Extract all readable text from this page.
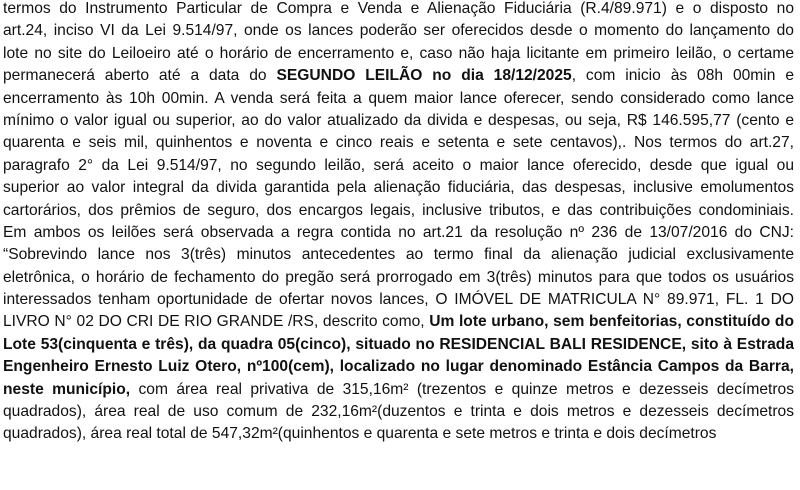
termos do Instrumento Particular de Compra e Venda e Alienação Fiduciária (R.4/89.971) e o disposto no
art.24, inciso VI da Lei 9.514/97, onde os lances poderão ser oferecidos desde o momento do lançamento do
lote no site do Leiloeiro até o horário de encerramento e, caso não haja licitante em primeiro leilão, o certame
permanecerá aberto até a data do SEGUNDO LEILÃO no dia 18/12/2025, com inicio às 08h 00min e
encerramento às 10h 00min. A venda será feita a quem maior lance oferecer, sendo considerado como lance
mínimo o valor igual ou superior, ao do valor atualizado da divida e despesas, ou seja, R$ 146.595,77 (cento e
quarenta e seis mil, quinhentos e noventa e cinco reais e setenta e sete centavos),. Nos termos do art.27,
paragrafo 2° da Lei 9.514/97, no segundo leilão, será aceito o maior lance oferecido, desde que igual ou
superior ao valor integral da divida garantida pela alienação fiduciária, das despesas, inclusive emolumentos
cartorários, dos prêmios de seguro, dos encargos legais, inclusive tributos, e das contribuições condominiais.
Em ambos os leilões será observada a regra contida no art.21 da resolução nº 236 de 13/07/2016 do CNJ:
“Sobrevindo lance nos 3(três) minutos antecedentes ao termo final da alienação judicial exclusivamente
eletrônica, o horário de fechamento do pregão será prorrogado em 3(três) minutos para que todos os usuários
interessados tenham oportunidade de ofertar novos lances, O IMÓVEL DE MATRICULA N° 89.971, FL. 1 DO
LIVRO N° 02 DO CRI DE RIO GRANDE /RS, descrito como, Um lote urbano, sem benfeitorias, constituído do
Lote 53(cinquenta e três), da quadra 05(cinco), situado no RESIDENCIAL BALI RESIDENCE, sito à Estrada
Engenheiro Ernesto Luiz Otero, nº100(cem), localizado no lugar denominado Estância Campos da Barra,
neste município, com área real privativa de 315,16m² (trezentos e quinze metros e dezesseis decímetros
quadrados), área real de uso comum de 232,16m²(duzentos e trinta e dois metros e dezesseis decímetros
quadrados), área real total de 547,32m²(quinhentos e quarenta e sete metros e trinta e dois decímetros
